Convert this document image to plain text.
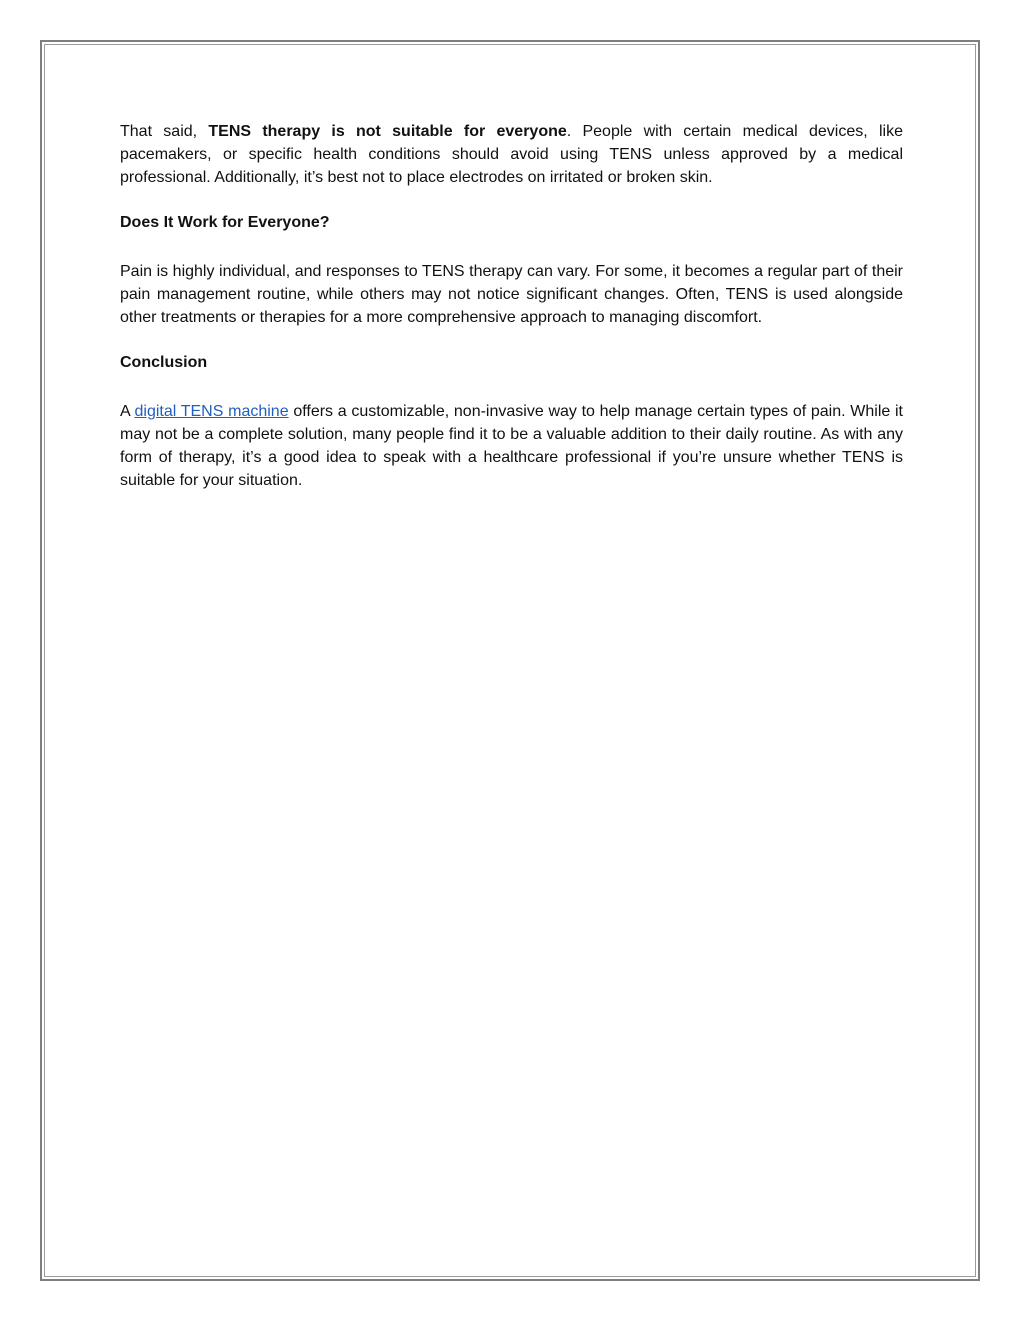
That said, TENS therapy is not suitable for everyone. People with certain medical devices, like pacemakers, or specific health conditions should avoid using TENS unless approved by a medical professional. Additionally, it’s best not to place electrodes on irritated or broken skin.

Does It Work for Everyone?

Pain is highly individual, and responses to TENS therapy can vary. For some, it becomes a regular part of their pain management routine, while others may not notice significant changes. Often, TENS is used alongside other treatments or therapies for a more comprehensive approach to managing discomfort.

Conclusion

A digital TENS machine offers a customizable, non-invasive way to help manage certain types of pain. While it may not be a complete solution, many people find it to be a valuable addition to their daily routine. As with any form of therapy, it’s a good idea to speak with a healthcare professional if you’re unsure whether TENS is suitable for your situation.
